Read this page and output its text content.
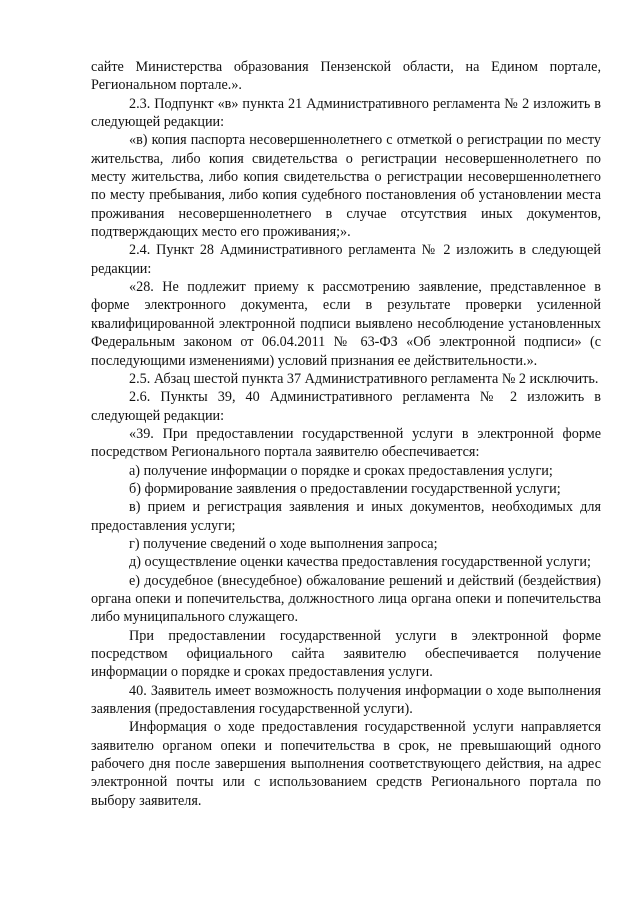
сайте Министерства образования Пензенской области, на Едином портале, Региональном портале.».

2.3. Подпункт «в» пункта 21 Административного регламента № 2 изложить в следующей редакции:

«в) копия паспорта несовершеннолетнего с отметкой о регистрации по месту жительства, либо копия свидетельства о регистрации несовершеннолетнего по месту жительства, либо копия свидетельства о регистрации несовершеннолетнего по месту пребывания, либо копия судебного постановления об установлении места проживания несовершеннолетнего в случае отсутствия иных документов, подтверждающих место его проживания;».

2.4. Пункт 28 Административного регламента № 2 изложить в следующей редакции:

«28. Не подлежит приему к рассмотрению заявление, представленное в форме электронного документа, если в результате проверки усиленной квалифицированной электронной подписи выявлено несоблюдение установленных Федеральным законом от 06.04.2011 № 63-ФЗ «Об электронной подписи» (с последующими изменениями) условий признания ее действительности.».

2.5. Абзац шестой пункта 37 Административного регламента № 2 исключить.

2.6. Пункты 39, 40 Административного регламента № 2 изложить в следующей редакции:

«39. При предоставлении государственной услуги в электронной форме посредством Регионального портала заявителю обеспечивается:

а) получение информации о порядке и сроках предоставления услуги;

б) формирование заявления о предоставлении государственной услуги;

в) прием и регистрация заявления и иных документов, необходимых для предоставления услуги;

г) получение сведений о ходе выполнения запроса;

д) осуществление оценки качества предоставления государственной услуги;

е) досудебное (внесудебное) обжалование решений и действий (бездействия) органа опеки и попечительства, должностного лица органа опеки и попечительства либо муниципального служащего.

При предоставлении государственной услуги в электронной форме посредством официального сайта заявителю обеспечивается получение информации о порядке и сроках предоставления услуги.

40. Заявитель имеет возможность получения информации о ходе выполнения заявления (предоставления государственной услуги).

Информация о ходе предоставления государственной услуги направляется заявителю органом опеки и попечительства в срок, не превышающий одного рабочего дня после завершения выполнения соответствующего действия, на адрес электронной почты или с использованием средств Регионального портала по выбору заявителя.
